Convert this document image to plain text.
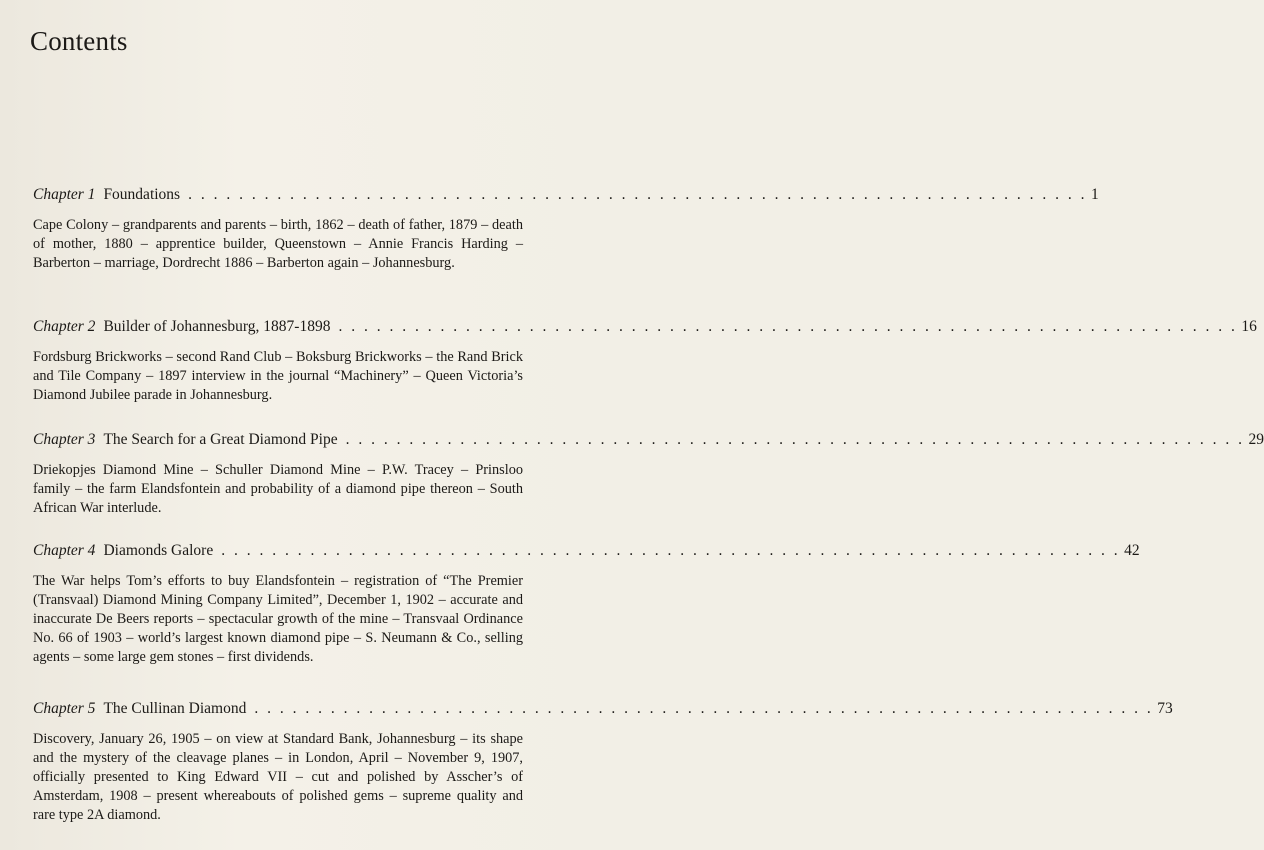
Contents
Chapter 1 Foundations . . . . . . . . . . . . . . . . . . . . . . . . . . . . . . . . . . . . . . . . . . . . . . . . . . . . . . . . . . . . . . . . . . . . . . . 1
Cape Colony – grandparents and parents – birth, 1862 – death of father, 1879 – death of mother, 1880 – apprentice builder, Queenstown – Annie Francis Harding – Barberton – marriage, Dordrecht 1886 – Barberton again – Johannesburg.
Chapter 2 Builder of Johannesburg, 1887-1898 . . . . . . . . . . . . . . . . . . . . . . . . . . . . . . . . . . . . . . . . . . . . . . . . . . . . . . . . . . . . . . . . . . . . . . . 16
Fordsburg Brickworks – second Rand Club – Boksburg Brickworks – the Rand Brick and Tile Company – 1897 interview in the journal “Machinery” – Queen Victoria’s Diamond Jubilee parade in Johannesburg.
Chapter 3 The Search for a Great Diamond Pipe . . . . . . . . . . . . . . . . . . . . . . . . . . . . . . . . . . . . . . . . . . . . . . . . . . . . . . . . . . . . . . . . . . . . . . . 29
Driekopjes Diamond Mine – Schuller Diamond Mine – P.W. Tracey – Prinsloo family – the farm Elandsfontein and probability of a diamond pipe thereon – South African War interlude.
Chapter 4 Diamonds Galore . . . . . . . . . . . . . . . . . . . . . . . . . . . . . . . . . . . . . . . . . . . . . . . . . . . . . . . . . . . . . . . . . . . . . . . 42
The War helps Tom’s efforts to buy Elandsfontein – registration of “The Premier (Transvaal) Diamond Mining Company Limited”, December 1, 1902 – accurate and inaccurate De Beers reports – spectacular growth of the mine – Transvaal Ordinance No. 66 of 1903 – world’s largest known diamond pipe – S. Neumann & Co., selling agents – some large gem stones – first dividends.
Chapter 5 The Cullinan Diamond . . . . . . . . . . . . . . . . . . . . . . . . . . . . . . . . . . . . . . . . . . . . . . . . . . . . . . . . . . . . . . . . . . . . . . . 73
Discovery, January 26, 1905 – on view at Standard Bank, Johannesburg – its shape and the mystery of the cleavage planes – in London, April – November 9, 1907, officially presented to King Edward VII – cut and polished by Asscher’s of Amsterdam, 1908 – present whereabouts of polished gems – supreme quality and rare type 2A diamond.
